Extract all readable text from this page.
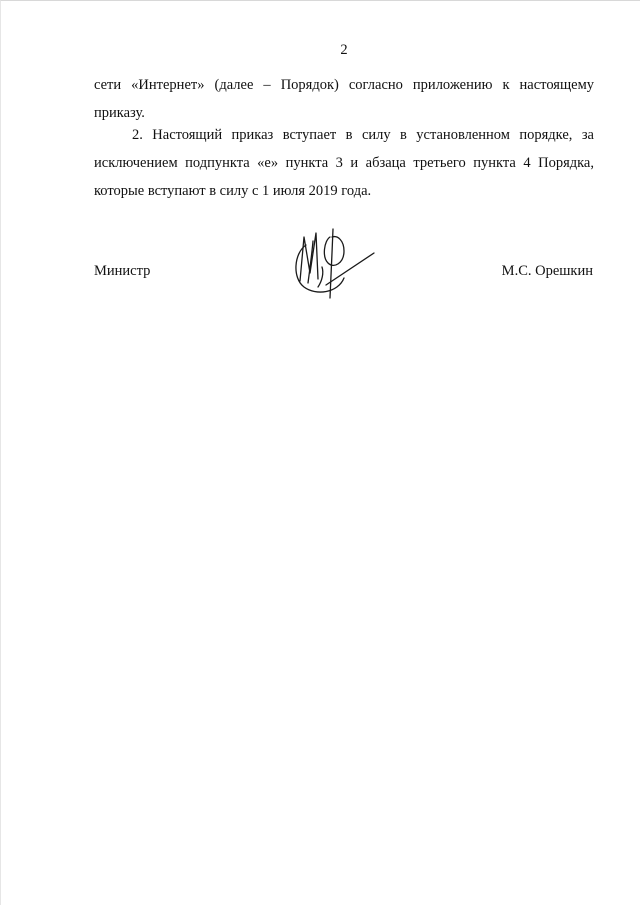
2
сети «Интернет» (далее – Порядок) согласно приложению к настоящему приказу.
2. Настоящий приказ вступает в силу в установленном порядке, за исключением подпункта «е» пункта 3 и абзаца третьего пункта 4 Порядка, которые вступают в силу с 1 июля 2019 года.
Министр	М.С. Орешкин
